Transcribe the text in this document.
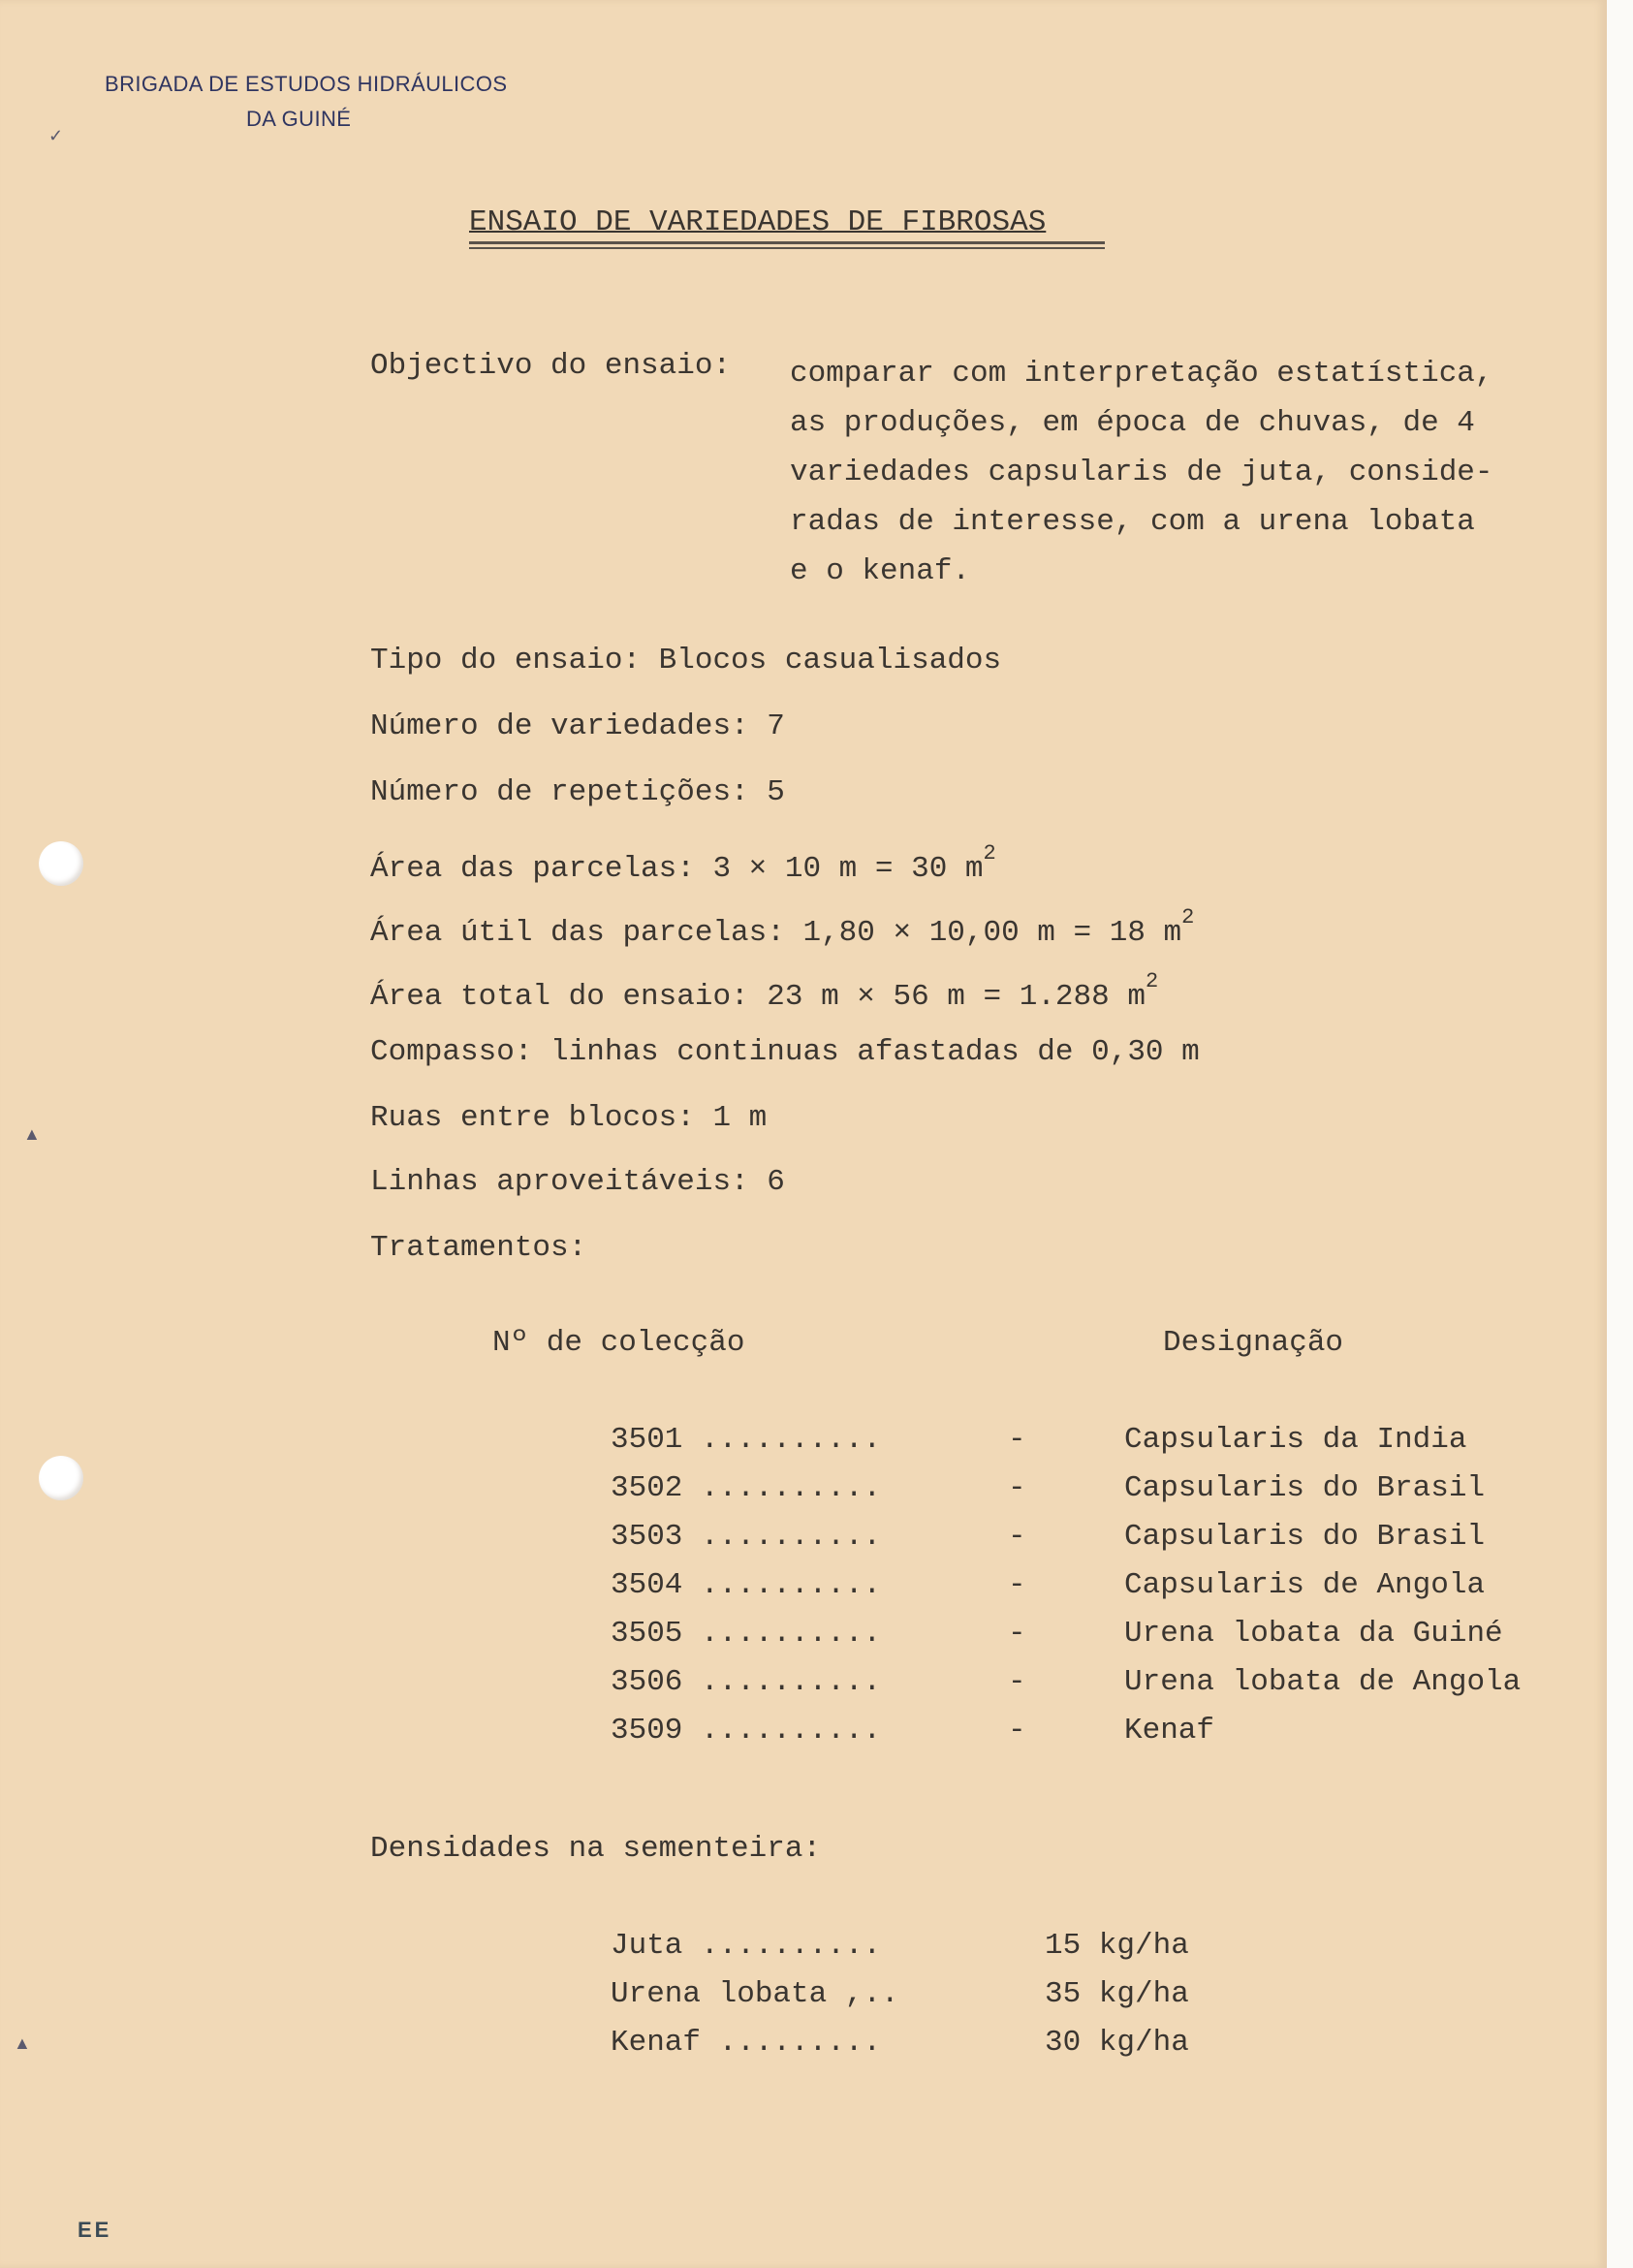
✓
▲
▲
BRIGADA DE ESTUDOS HIDRÁULICOS
DA GUINÉ
ENSAIO DE VARIEDADES DE FIBROSAS
Objectivo do ensaio: comparar com interpretação estatística,
as produções, em época de chuvas, de 4
variedades capsularis de juta, conside-
radas de interesse, com a urena lobata
e o kenaf.
Tipo do ensaio: Blocos casualisados
Número de variedades: 7
Número de repetições: 5
Área das parcelas: 3 × 10 m = 30 $m^2$
Área útil das parcelas: 1,80 × 10,00 m = 18 $m^2$
Área total do ensaio: 23 m × 56 m = 1.288 $m^2$
Compasso: linhas continuas afastadas de 0,30 m
Ruas entre blocos: 1 m
Linhas aproveitáveis: 6
Tratamentos:
Nº de colecção	Designação
3501 ..........	-	Capsularis da India
3502 ..........	-	Capsularis do Brasil
3503 ..........	-	Capsularis do Brasil
3504 ..........	-	Capsularis de Angola
3505 ..........	-	Urena lobata da Guiné
3506 ..........	-	Urena lobata de Angola
3509 ..........	-	Kenaf
Densidades na sementeira:
Juta ..........	15 kg/ha
Urena lobata ,..	35 kg/ha
Kenaf .........	30 kg/ha
EE
